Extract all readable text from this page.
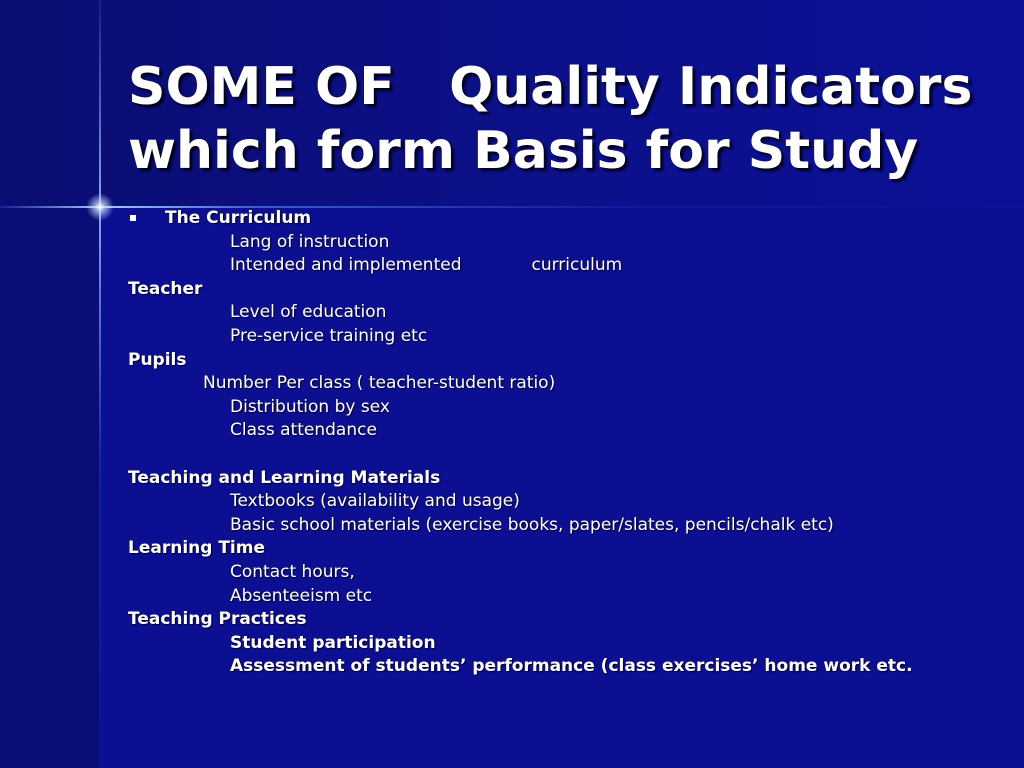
SOME OF   Quality Indicators
which form Basis for Study
The Curriculum
Lang of instruction
Intended and implemented	curriculum
Teacher
Level of education
Pre-service training etc
Pupils
Number Per class ( teacher-student ratio)
Distribution by sex
Class attendance
Teaching and Learning Materials
Textbooks (availability and usage)
Basic school materials (exercise books, paper/slates, pencils/chalk etc)
Learning Time
Contact hours,
Absenteeism etc
Teaching Practices
Student participation
Assessment of students’ performance (class exercises’ home work etc.
